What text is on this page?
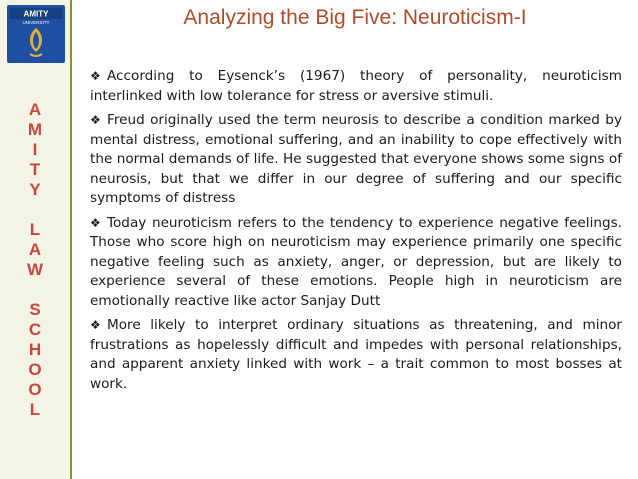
AMITY
UNIVERSITY
A
M
I
T
Y
L
A
W
S
C
H
O
O
L
Analyzing the Big Five: Neuroticism-I

❖ According to Eysenck’s (1967) theory of personality, neuroticism interlinked with low tolerance for stress or aversive stimuli.

❖ Freud originally used the term neurosis to describe a condition marked by mental distress, emotional suffering, and an inability to cope effectively with the normal demands of life. He suggested that everyone shows some signs of neurosis, but that we differ in our degree of suffering and our specific symptoms of distress

❖ Today neuroticism refers to the tendency to experience negative feelings. Those who score high on neuroticism may experience primarily one specific negative feeling such as anxiety, anger, or depression, but are likely to experience several of these emotions. People high in neuroticism are emotionally reactive like actor Sanjay Dutt

❖ More likely to interpret ordinary situations as threatening, and minor frustrations as hopelessly difficult and impedes with personal relationships, and apparent anxiety linked with work – a trait common to most bosses at work.
